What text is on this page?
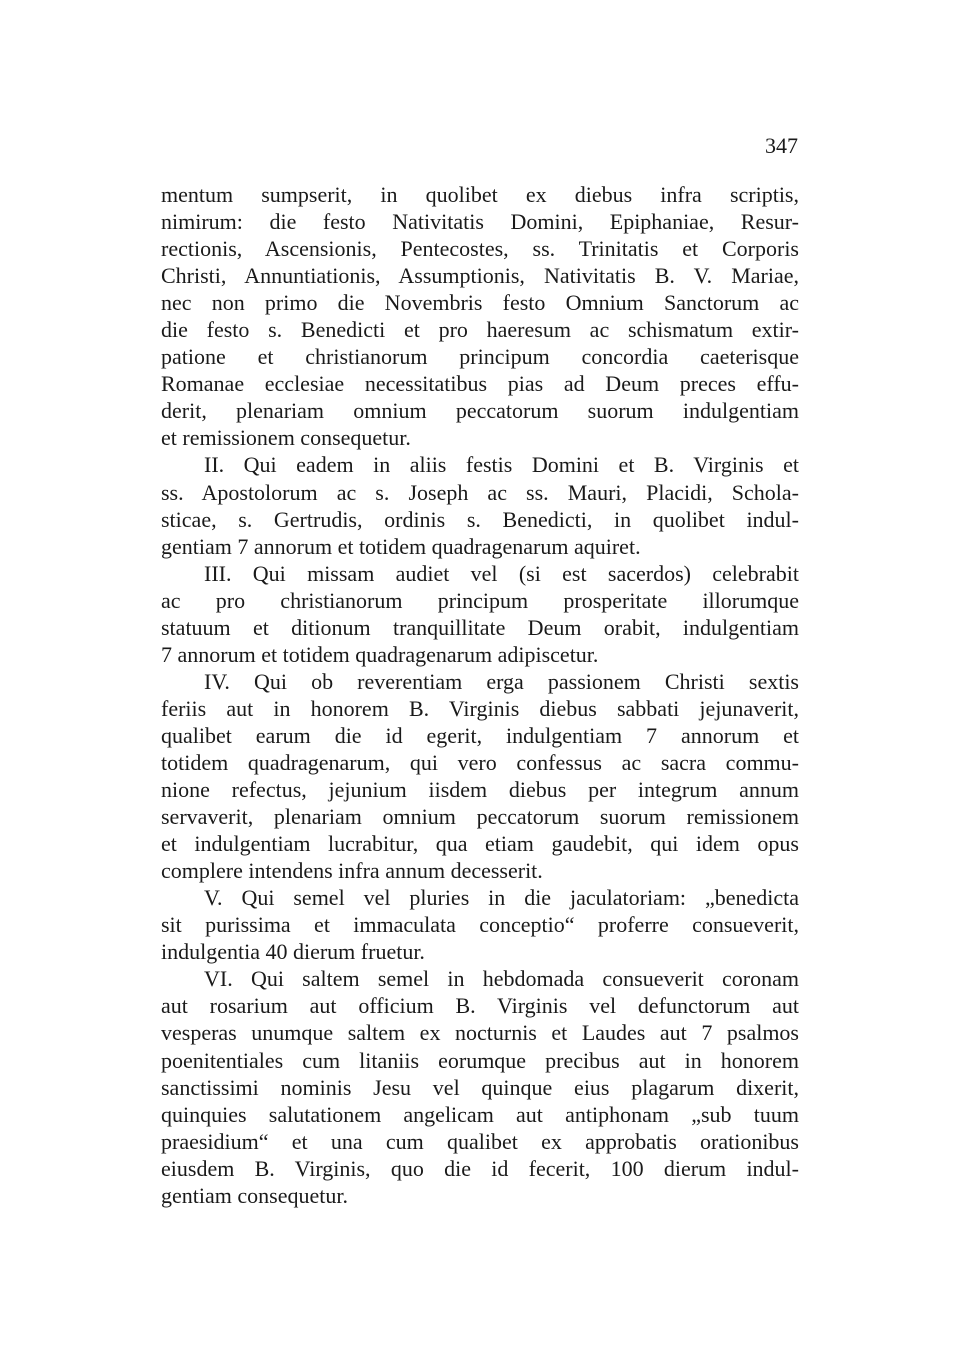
347
mentum sumpserit, in quolibet ex diebus infra scriptis,
nimirum: die festo Nativitatis Domini, Epiphaniae, Resur-
rectionis, Ascensionis, Pentecostes, ss. Trinitatis et Corporis
Christi, Annuntiationis, Assumptionis, Nativitatis B. V. Mariae,
nec non primo die Novembris festo Omnium Sanctorum ac
die festo s. Benedicti et pro haeresum ac schismatum extir-
patione et christianorum principum concordia caeterisque
Romanae ecclesiae necessitatibus pias ad Deum preces effu-
derit, plenariam omnium peccatorum suorum indulgentiam
et remissionem consequetur.
II. Qui eadem in aliis festis Domini et B. Virginis et
ss. Apostolorum ac s. Joseph ac ss. Mauri, Placidi, Schola-
sticae, s. Gertrudis, ordinis s. Benedicti, in quolibet indul-
gentiam 7 annorum et totidem quadragenarum aquiret.
III. Qui missam audiet vel (si est sacerdos) celebrabit
ac pro christianorum principum prosperitate illorumque
statuum et ditionum tranquillitate Deum orabit, indulgentiam
7 annorum et totidem quadragenarum adipiscetur.
IV. Qui ob reverentiam erga passionem Christi sextis
feriis aut in honorem B. Virginis diebus sabbati jejunaverit,
qualibet earum die id egerit, indulgentiam 7 annorum et
totidem quadragenarum, qui vero confessus ac sacra commu-
nione refectus, jejunium iisdem diebus per integrum annum
servaverit, plenariam omnium peccatorum suorum remissionem
et indulgentiam lucrabitur, qua etiam gaudebit, qui idem opus
complere intendens infra annum decesserit.
V. Qui semel vel pluries in die jaculatoriam: „benedicta
sit purissima et immaculata conceptio“ proferre consueverit,
indulgentia 40 dierum fruetur.
VI. Qui saltem semel in hebdomada consueverit coronam
aut rosarium aut officium B. Virginis vel defunctorum aut
vesperas unumque saltem ex nocturnis et Laudes aut 7 psalmos
poenitentiales cum litaniis eorumque precibus aut in honorem
sanctissimi nominis Jesu vel quinque eius plagarum dixerit,
quinquies salutationem angelicam aut antiphonam „sub tuum
praesidium“ et una cum qualibet ex approbatis orationibus
eiusdem B. Virginis, quo die id fecerit, 100 dierum indul-
gentiam consequetur.
